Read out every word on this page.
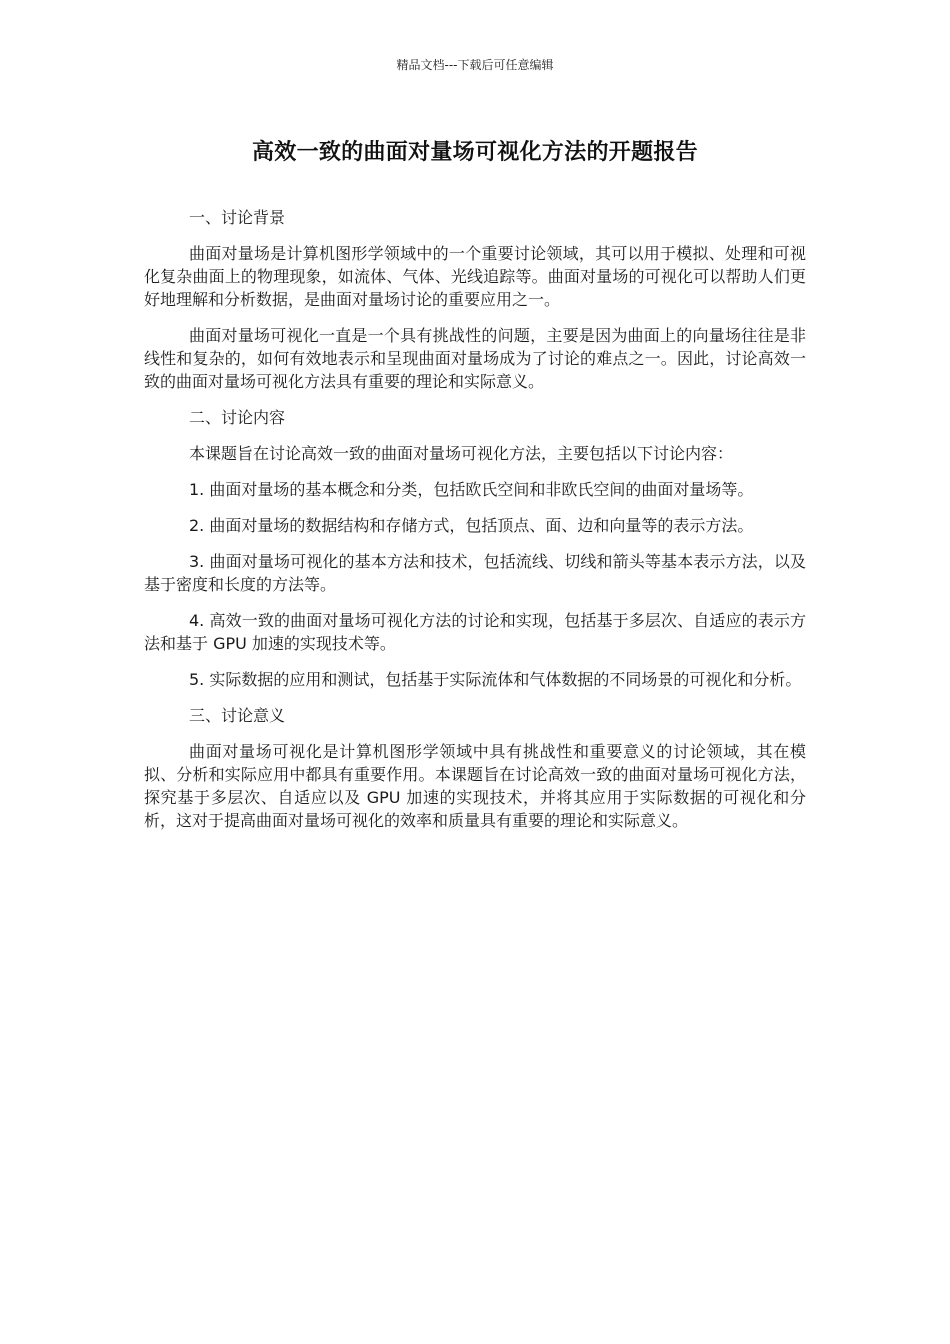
精品文档---下载后可任意编辑
高效一致的曲面对量场可视化方法的开题报告

一、讨论背景

曲面对量场是计算机图形学领域中的一个重要讨论领域，其可以用于模拟、处理和可视化复杂曲面上的物理现象，如流体、气体、光线追踪等。曲面对量场的可视化可以帮助人们更好地理解和分析数据，是曲面对量场讨论的重要应用之一。

曲面对量场可视化一直是一个具有挑战性的问题，主要是因为曲面上的向量场往往是非线性和复杂的，如何有效地表示和呈现曲面对量场成为了讨论的难点之一。因此，讨论高效一致的曲面对量场可视化方法具有重要的理论和实际意义。

二、讨论内容

本课题旨在讨论高效一致的曲面对量场可视化方法，主要包括以下讨论内容：

1. 曲面对量场的基本概念和分类，包括欧氏空间和非欧氏空间的曲面对量场等。

2. 曲面对量场的数据结构和存储方式，包括顶点、面、边和向量等的表示方法。

3. 曲面对量场可视化的基本方法和技术，包括流线、切线和箭头等基本表示方法，以及基于密度和长度的方法等。

4. 高效一致的曲面对量场可视化方法的讨论和实现，包括基于多层次、自适应的表示方法和基于 GPU 加速的实现技术等。

5. 实际数据的应用和测试，包括基于实际流体和气体数据的不同场景的可视化和分析。

三、讨论意义

曲面对量场可视化是计算机图形学领域中具有挑战性和重要意义的讨论领域，其在模拟、分析和实际应用中都具有重要作用。本课题旨在讨论高效一致的曲面对量场可视化方法，探究基于多层次、自适应以及 GPU 加速的实现技术，并将其应用于实际数据的可视化和分析，这对于提高曲面对量场可视化的效率和质量具有重要的理论和实际意义。
